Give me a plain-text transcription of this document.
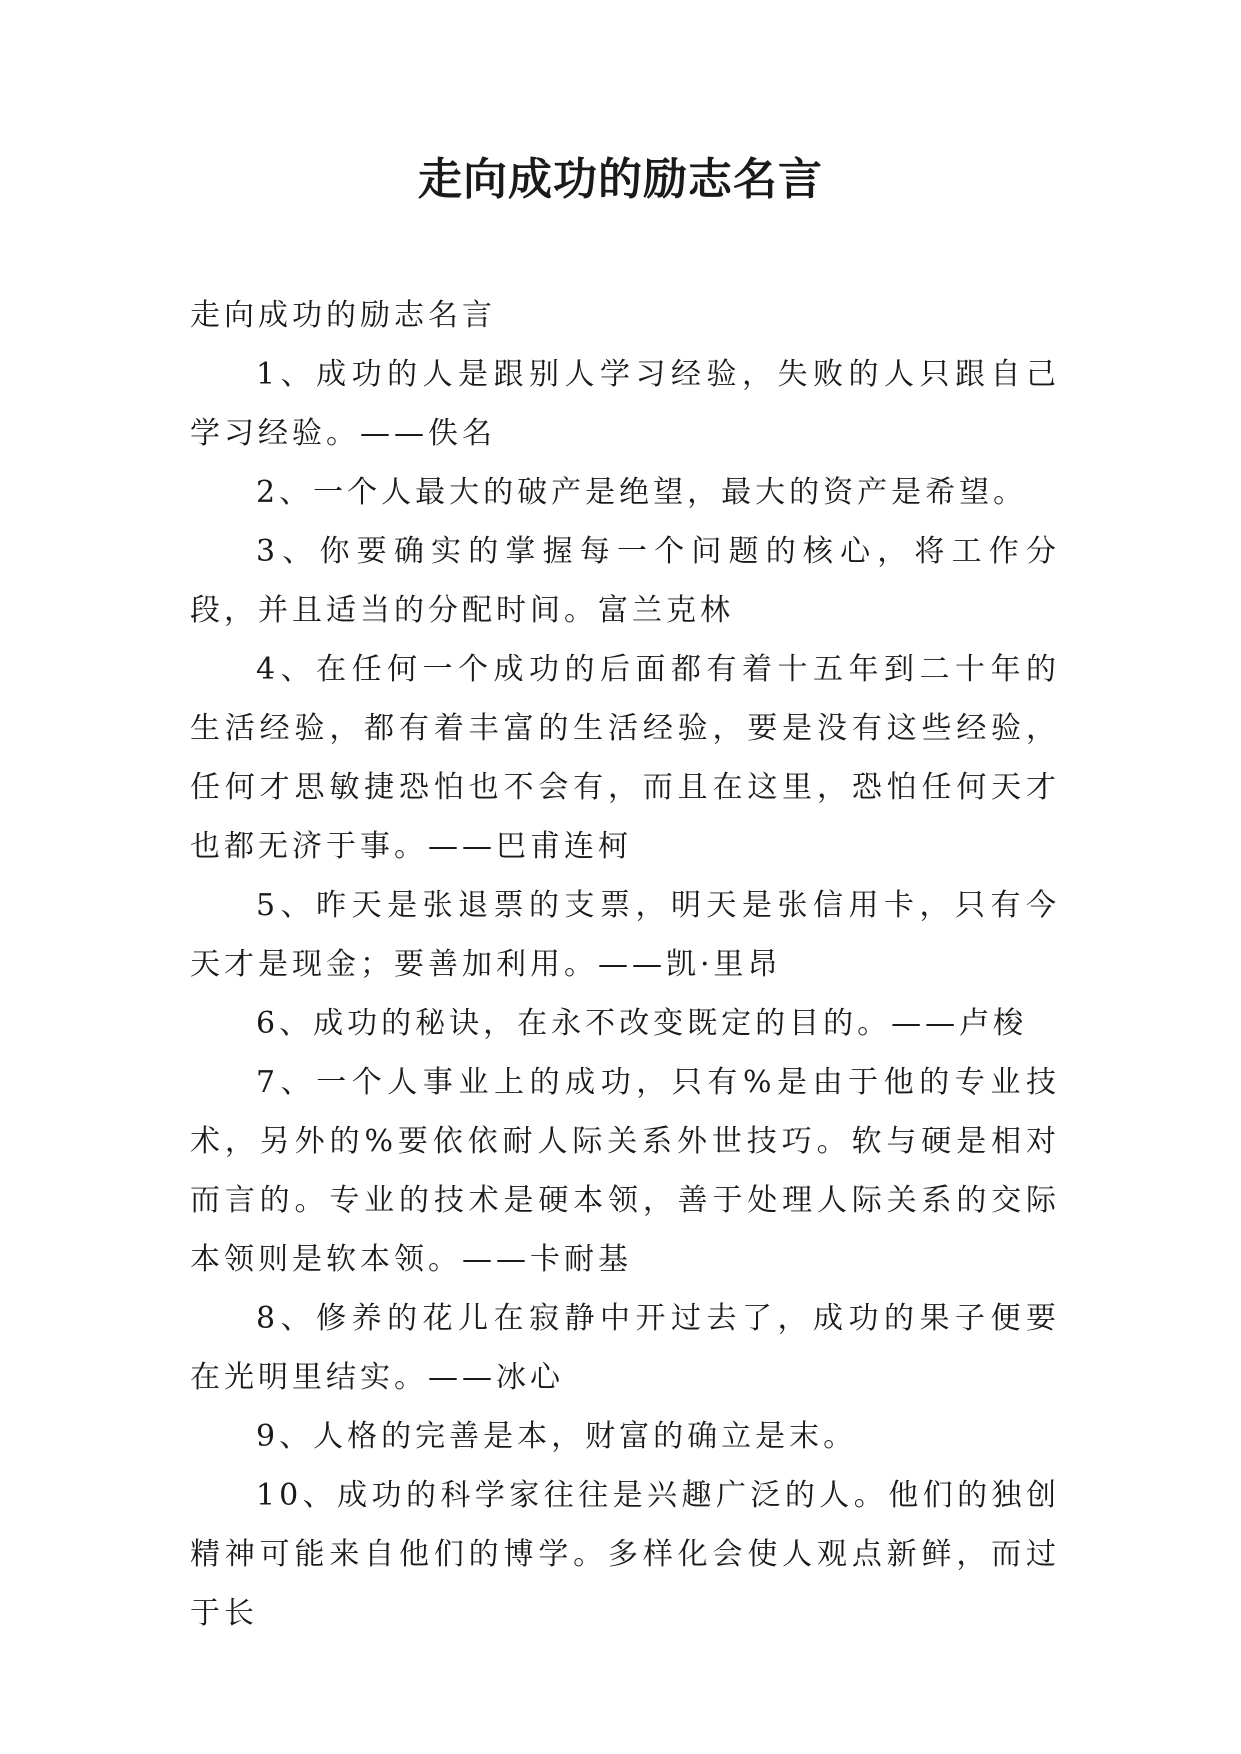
走向成功的励志名言

走向成功的励志名言

1、成功的人是跟别人学习经验，失败的人只跟自己学习经验。——佚名

2、一个人最大的破产是绝望，最大的资产是希望。

3、你要确实的掌握每一个问题的核心，将工作分段，并且适当的分配时间。富兰克林

4、在任何一个成功的后面都有着十五年到二十年的生活经验，都有着丰富的生活经验，要是没有这些经验，任何才思敏捷恐怕也不会有，而且在这里，恐怕任何天才也都无济于事。——巴甫连柯

5、昨天是张退票的支票，明天是张信用卡，只有今天才是现金；要善加利用。——凯·里昂

6、成功的秘诀，在永不改变既定的目的。——卢梭

7、一个人事业上的成功，只有%是由于他的专业技术，另外的%要依依耐人际关系外世技巧。软与硬是相对而言的。专业的技术是硬本领，善于处理人际关系的交际本领则是软本领。——卡耐基

8、修养的花儿在寂静中开过去了，成功的果子便要在光明里结实。——冰心

9、人格的完善是本，财富的确立是末。

10、成功的科学家往往是兴趣广泛的人。他们的独创精神可能来自他们的博学。多样化会使人观点新鲜，而过于长
